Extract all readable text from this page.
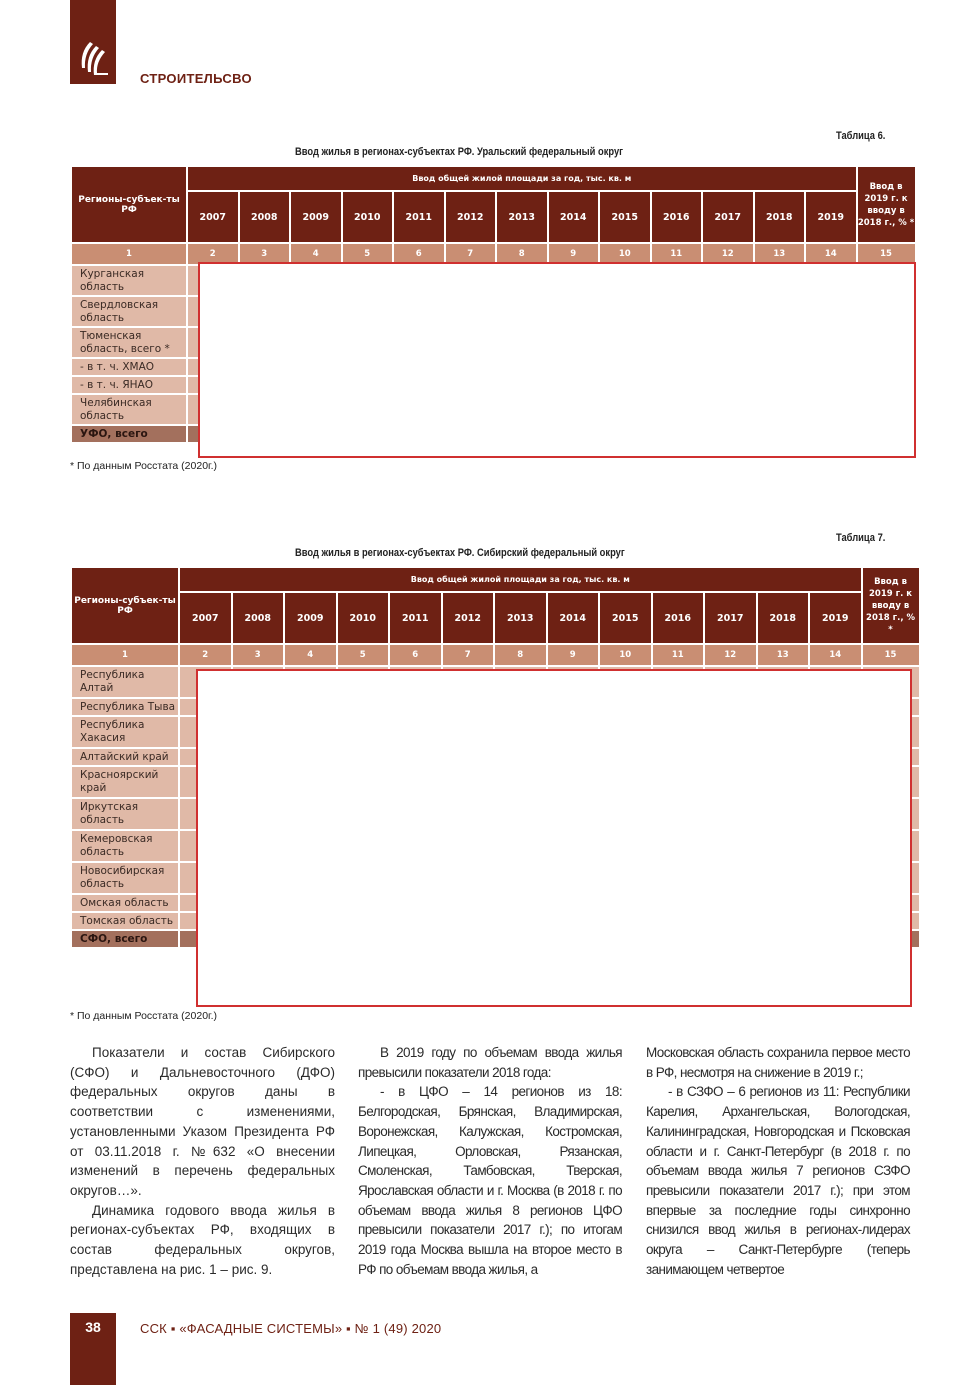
СТРОИТЕЛЬСВО
Таблица 6.
Ввод жилья в регионах-субъектах РФ. Уральский федеральный округ
Регионы-субъек-ты РФ	Ввод общей жилой площади за год, тыс. кв. м													Ввод в 2019 г. к вводу в 2018 г., % *
	2007	2008	2009	2010	2011	2012	2013	2014	2015	2016	2017	2018	2019	
1	2	3	4	5	6	7	8	9	10	11	12	13	14	15
Курганская область														
Свердловская область														
Тюменская область, всего *														
- в т. ч. ХМАО														
- в т. ч. ЯНАО														
Челябинская область														
УФО, всего														
* По данным Росстата (2020г.)
Таблица 7.
Ввод жилья в регионах-субъектах РФ. Сибирский федеральный округ
Регионы-субъек-ты РФ	Ввод общей жилой площади за год, тыс. кв. м													Ввод в 2019 г. к вводу в 2018 г., % *
	2007	2008	2009	2010	2011	2012	2013	2014	2015	2016	2017	2018	2019	
1	2	3	4	5	6	7	8	9	10	11	12	13	14	15
Республика Алтай														
Республика Тыва														
Республика Хакасия														
Алтайский край														
Красноярский край														
Иркутская область														
Кемеровская область														
Новосибирская область														
Омская область														
Томская область														
СФО, всего														
* По данным Росстата (2020г.)

Показатели и состав Сибирского (СФО) и Дальневосточного (ДФО) федеральных округов даны в соответствии с изменениями, установленными Указом Президента РФ от 03.11.2018 г. №632 «О внесении изменений в перечень федеральных округов…».

Динамика годового ввода жилья в регионах-субъектах РФ, входящих в состав федеральных округов, представлена на рис. 1 – рис. 9.

В 2019 году по объемам ввода жилья превысили показатели 2018 года:

- в ЦФО – 14 регионов из 18: Белгородская, Брянская, Владимирская, Воронежская, Калужская, Костромская, Липецкая, Орловская, Рязанская, Смоленская, Тамбовская, Тверская, Ярославская области и г. Москва (в 2018 г. по объемам ввода жилья 8 регионов ЦФО превысили показатели 2017 г.); по итогам 2019 года Москва вышла на второе место в РФ по объемам ввода жилья, а

Московская область сохранила первое место в РФ, несмотря на снижение в 2019 г.;

- в СЗФО – 6 регионов из 11: Республики Карелия, Архангельская, Вологодская, Калининградская, Новгородская и Псковская области и г. Санкт-Петербург (в 2018 г. по объемам ввода жилья 7 регионов СЗФО превысили показатели 2017 г.); при этом впервые за последние годы синхронно снизился ввод жилья в регионах-лидерах округа – Санкт-Петербурге (теперь занимающем четвертое

38	ССК ▪ «ФАСАДНЫЕ СИСТЕМЫ» ▪ № 1 (49) 2020
